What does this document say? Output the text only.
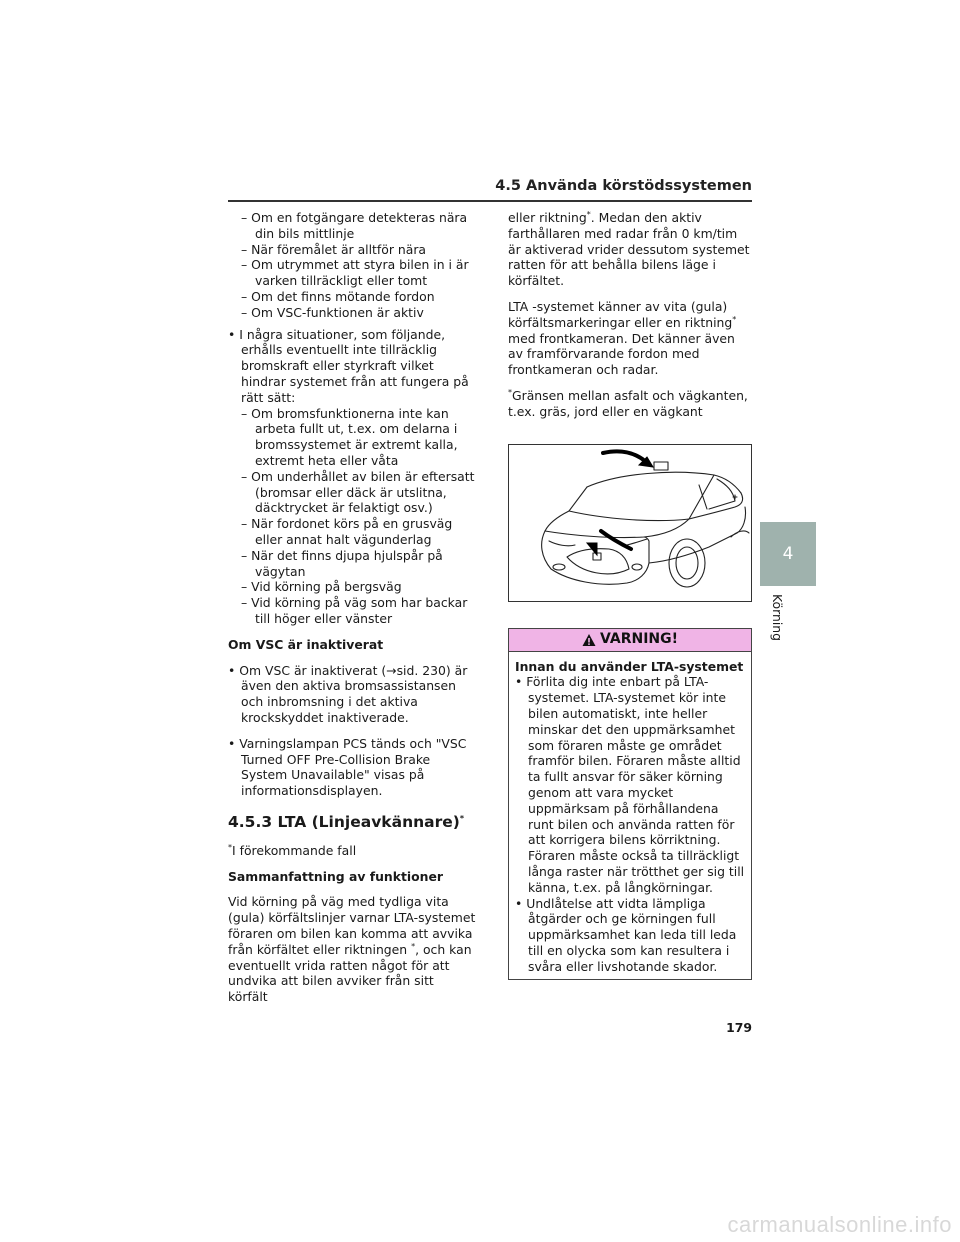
4.5 Använda körstödssystemen
– Om en fotgängare detekteras nära din bils mittlinje
– När föremålet är alltför nära
– Om utrymmet att styra bilen in i är varken tillräckligt eller tomt
– Om det finns mötande fordon
– Om VSC-funktionen är aktiv
• I några situationer, som följande, erhålls eventuellt inte tillräcklig bromskraft eller styrkraft vilket hindrar systemet från att fungera på rätt sätt:
– Om bromsfunktionerna inte kan arbeta fullt ut, t.ex. om delarna i bromssystemet är extremt kalla, extremt heta eller våta
– Om underhållet av bilen är eftersatt (bromsar eller däck är utslitna, däcktrycket är felaktigt osv.)
– När fordonet körs på en grusväg eller annat halt vägunderlag
– När det finns djupa hjulspår på vägytan
– Vid körning på bergsväg
– Vid körning på väg som har backar till höger eller vänster
Om VSC är inaktiverat
• Om VSC är inaktiverat (→sid. 230) är även den aktiva bromsassistansen och inbromsning i det aktiva krockskyddet inaktiverade.
• Varningslampan PCS tänds och "VSC Turned OFF Pre-Collision Brake System Unavailable" visas på informationsdisplayen.
4.5.3 LTA (Linjeavkännare)*
*I förekommande fall
Sammanfattning av funktioner
Vid körning på väg med tydliga vita (gula) körfältslinjer varnar LTA-systemet föraren om bilen kan komma att avvika från körfältet eller riktningen *, och kan eventuellt vrida ratten något för att undvika att bilen avviker från sitt körfält
eller riktning*. Medan den aktiv farthållaren med radar från 0 km/tim är aktiverad vrider dessutom systemet ratten för att behålla bilens läge i körfältet.
LTA -systemet känner av vita (gula) körfältsmarkeringar eller en riktning* med frontkameran. Det känner även av framförvarande fordon med frontkameran och radar.
*Gränsen mellan asfalt och vägkanten, t.ex. gräs, jord eller en vägkant
VARNING!
Innan du använder LTA-systemet
• Förlita dig inte enbart på LTA-systemet. LTA-systemet kör inte bilen automatiskt, inte heller minskar det den uppmärksamhet som föraren måste ge området framför bilen. Föraren måste alltid ta fullt ansvar för säker körning genom att vara mycket uppmärksam på förhållandena runt bilen och använda ratten för att korrigera bilens körriktning. Föraren måste också ta tillräckligt långa raster när trötthet ger sig till känna, t.ex. på långkörningar.
• Undlåtelse att vidta lämpliga åtgärder och ge körningen full uppmärksamhet kan leda till leda till en olycka som kan resultera i svåra eller livshotande skador.
4
Körning
179
carmanualsonline.info
